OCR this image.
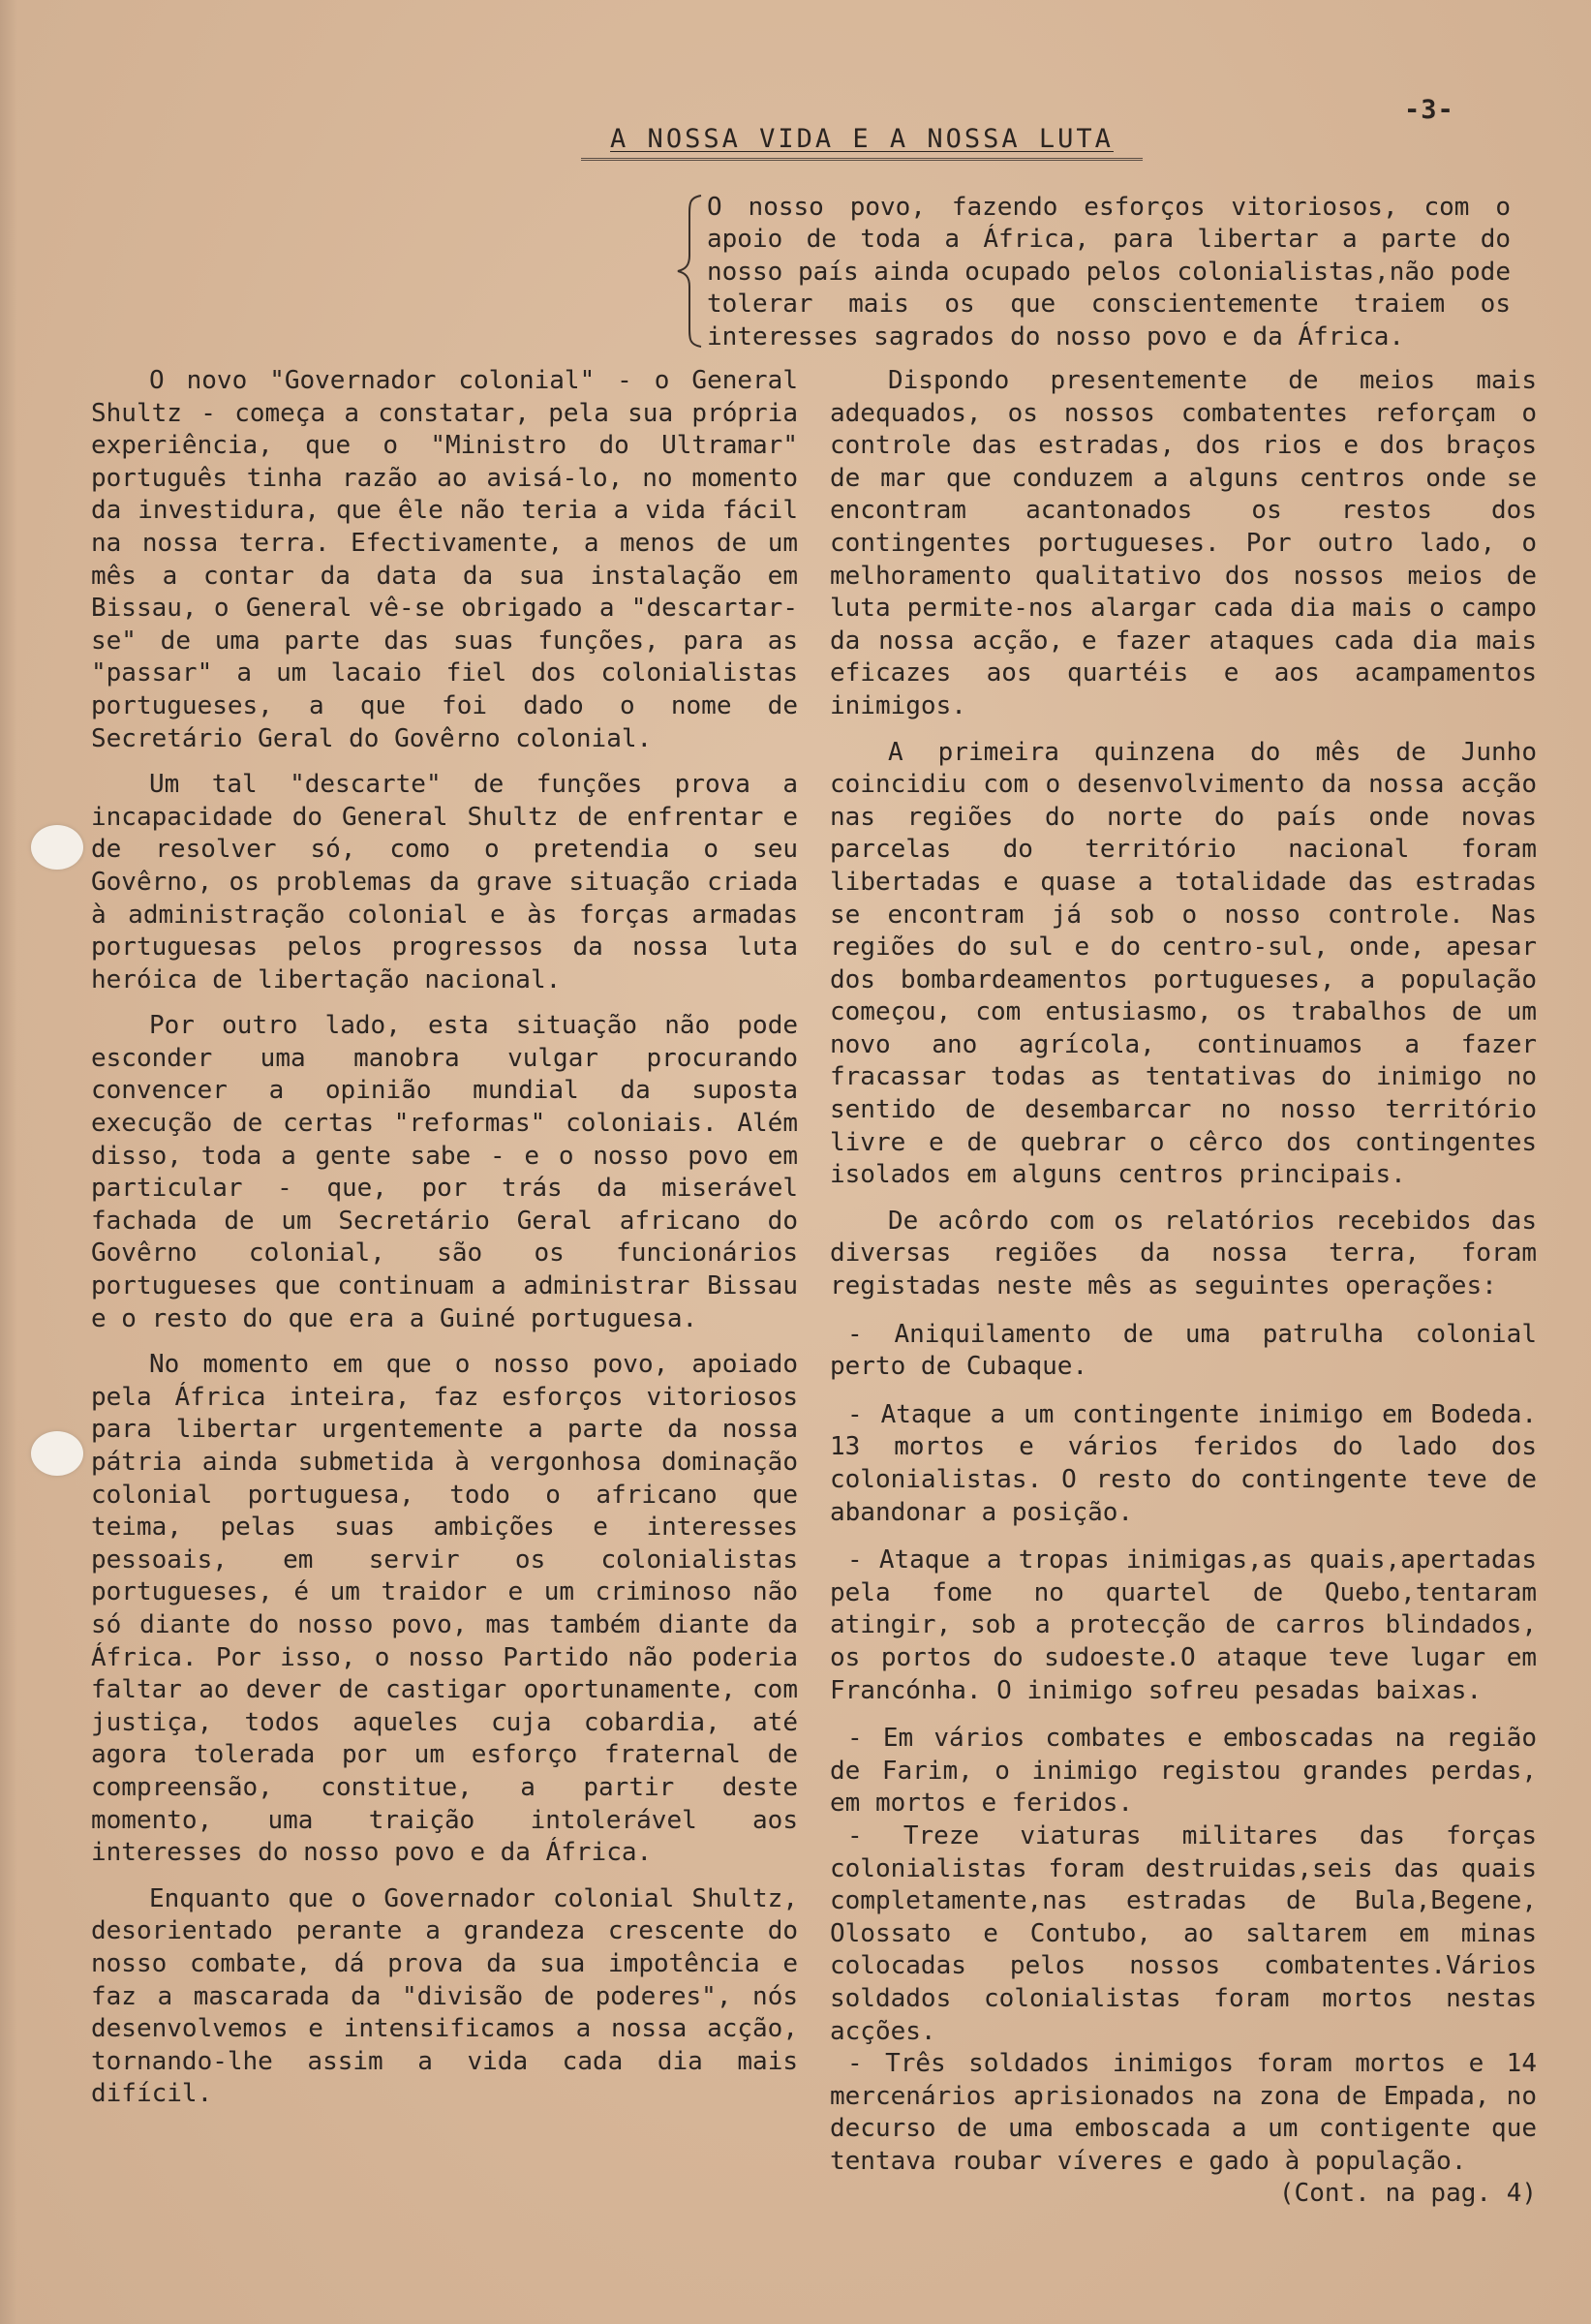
-3-
A NOSSA VIDA E A NOSSA LUTA
O nosso povo, fazendo esforços vitoriosos, com o apoio de toda a África, para libertar a parte do nosso país ainda ocupado pelos colonialistas,não pode tolerar mais os que conscientemente traiem os interesses sagrados do nosso povo e da África.

O novo "Governador colonial" - o General Shultz - começa a constatar, pela sua própria experiência, que o "Ministro do Ultramar" português tinha razão ao avisá-lo, no momento da investidura, que êle não teria a vida fácil na nossa terra. Efectivamente, a menos de um mês a contar da data da sua instalação em Bissau, o General vê-se obrigado a "descartar-se" de uma parte das suas funções, para as "passar" a um lacaio fiel dos colonialistas portugueses, a que foi dado o nome de Secretário Geral do Govêrno colonial.

Um tal "descarte" de funções prova a incapacidade do General Shultz de enfrentar e de resolver só, como o pretendia o seu Govêrno, os problemas da grave situação criada à administração colonial e às forças armadas portuguesas pelos progressos da nossa luta heróica de libertação nacional.

Por outro lado, esta situação não pode esconder uma manobra vulgar procurando convencer a opinião mundial da suposta execução de certas "reformas" coloniais. Além disso, toda a gente sabe - e o nosso povo em particular - que, por trás da miserável fachada de um Secretário Geral africano do Govêrno colonial, são os funcionários portugueses que continuam a administrar Bissau e o resto do que era a Guiné portuguesa.

No momento em que o nosso povo, apoiado pela África inteira, faz esforços vitoriosos para libertar urgentemente a parte da nossa pátria ainda submetida à vergonhosa dominação colonial portuguesa, todo o africano que teima, pelas suas ambições e interesses pessoais, em servir os colonialistas portugueses, é um traidor e um criminoso não só diante do nosso povo, mas também diante da África. Por isso, o nosso Partido não poderia faltar ao dever de castigar oportunamente, com justiça, todos aqueles cuja cobardia, até agora tolerada por um esforço fraternal de compreensão, constitue, a partir deste momento, uma traição intolerável aos interesses do nosso povo e da África.

Enquanto que o Governador colonial Shultz, desorientado perante a grandeza crescente do nosso combate, dá prova da sua impotência e faz a mascarada da "divisão de poderes", nós desenvolvemos e intensificamos a nossa acção, tornando-lhe assim a vida cada dia mais difícil.

Dispondo presentemente de meios mais adequados, os nossos combatentes reforçam o controle das estradas, dos rios e dos braços de mar que conduzem a alguns centros onde se encontram acantonados os restos dos contingentes portugueses. Por outro lado, o melhoramento qualitativo dos nossos meios de luta permite-nos alargar cada dia mais o campo da nossa acção, e fazer ataques cada dia mais eficazes aos quartéis e aos acampamentos inimigos.

A primeira quinzena do mês de Junho coincidiu com o desenvolvimento da nossa acção nas regiões do norte do país onde novas parcelas do território nacional foram libertadas e quase a totalidade das estradas se encontram já sob o nosso controle. Nas regiões do sul e do centro-sul, onde, apesar dos bombardeamentos portugueses, a população começou, com entusiasmo, os trabalhos de um novo ano agrícola, continuamos a fazer fracassar todas as tentativas do inimigo no sentido de desembarcar no nosso território livre e de quebrar o cêrco dos contingentes isolados em alguns centros principais.

De acôrdo com os relatórios recebidos das diversas regiões da nossa terra, foram registadas neste mês as seguintes operações:

- Aniquilamento de uma patrulha colonial perto de Cubaque.

- Ataque a um contingente inimigo em Bodeda. 13 mortos e vários feridos do lado dos colonialistas. O resto do contingente teve de abandonar a posição.

- Ataque a tropas inimigas,as quais,apertadas pela fome no quartel de Quebo,tentaram atingir, sob a protecção de carros blindados, os portos do sudoeste.O ataque teve lugar em Francónha. O inimigo sofreu pesadas baixas.

- Em vários combates e emboscadas na região de Farim, o inimigo registou grandes perdas, em mortos e feridos.

- Treze viaturas militares das forças colonialistas foram destruidas,seis das quais completamente,nas estradas de Bula,Begene, Olossato e Contubo, ao saltarem em minas colocadas pelos nossos combatentes.Vários soldados colonialistas foram mortos nestas acções.

- Três soldados inimigos foram mortos e 14 mercenários aprisionados na zona de Empada, no decurso de uma emboscada a um contigente que tentava roubar víveres e gado à população.

(Cont. na pag. 4)
